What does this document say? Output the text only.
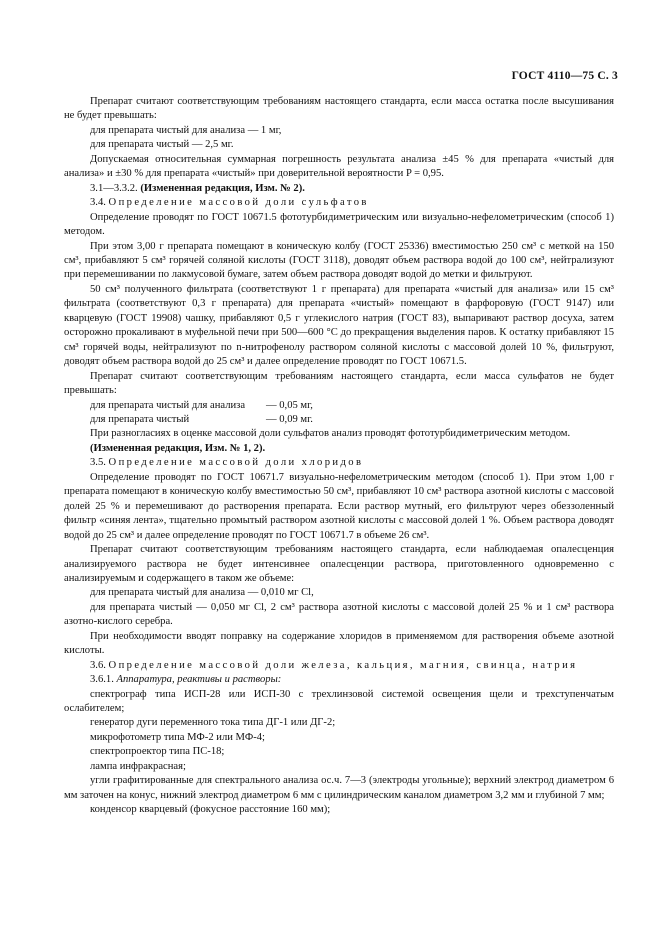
ГОСТ 4110—75 С. 3
Препарат считают соответствующим требованиям настоящего стандарта, если масса остатка после высушивания не будет превышать:
для препарата чистый для анализа — 1 мг,
для препарата чистый — 2,5 мг.
Допускаемая относительная суммарная погрешность результата анализа ±45 % для препарата «чистый для анализа» и ±30 % для препарата «чистый» при доверительной вероятности P = 0,95.
3.1—3.3.2. (Измененная редакция, Изм. № 2).
3.4. Определение массовой доли сульфатов
Определение проводят по ГОСТ 10671.5 фототурбидиметрическим или визуально-нефелометрическим (способ 1) методом.
При этом 3,00 г препарата помещают в коническую колбу (ГОСТ 25336) вместимостью 250 см³ с меткой на 150 см³, прибавляют 5 см³ горячей соляной кислоты (ГОСТ 3118), доводят объем раствора водой до 100 см³, нейтрализуют при перемешивании по лакмусовой бумаге, затем объем раствора доводят водой до метки и фильтруют.
50 см³ полученного фильтрата (соответствуют 1 г препарата) для препарата «чистый для анализа» или 15 см³ фильтрата (соответствуют 0,3 г препарата) для препарата «чистый» помещают в фарфоровую (ГОСТ 9147) или кварцевую (ГОСТ 19908) чашку, прибавляют 0,5 г углекислого натрия (ГОСТ 83), выпаривают раствор досуха, затем осторожно прокаливают в муфельной печи при 500—600 °C до прекращения выделения паров. К остатку прибавляют 15 см³ горячей воды, нейтрализуют по n-нитрофенолу раствором соляной кислоты с массовой долей 10 %, фильтруют, доводят объем раствора водой до 25 см³ и далее определение проводят по ГОСТ 10671.5.
Препарат считают соответствующим требованиям настоящего стандарта, если масса сульфатов не будет превышать:
для препарата чистый для анализа	— 0,05 мг,
для препарата чистый	— 0,09 мг.
При разногласиях в оценке массовой доли сульфатов анализ проводят фототурбидиметрическим методом.
(Измененная редакция, Изм. № 1, 2).
3.5. Определение массовой доли хлоридов
Определение проводят по ГОСТ 10671.7 визуально-нефелометрическим методом (способ 1). При этом 1,00 г препарата помещают в коническую колбу вместимостью 50 см³, прибавляют 10 см³ раствора азотной кислоты с массовой долей 25 % и перемешивают до растворения препарата. Если раствор мутный, его фильтруют через обеззоленный фильтр «синяя лента», тщательно промытый раствором азотной кислоты с массовой долей 1 %. Объем раствора доводят водой до 25 см³ и далее определение проводят по ГОСТ 10671.7 в объеме 26 см³.
Препарат считают соответствующим требованиям настоящего стандарта, если наблюдаемая опалесценция анализируемого раствора не будет интенсивнее опалесценции раствора, приготовленного одновременно с анализируемым и содержащего в таком же объеме:
для препарата чистый для анализа — 0,010 мг Cl,
для препарата чистый — 0,050 мг Cl, 2 см³ раствора азотной кислоты с массовой долей 25 % и 1 см³ раствора азотно-кислого серебра.
При необходимости вводят поправку на содержание хлоридов в применяемом для растворения объеме азотной кислоты.
3.6. Определение массовой доли железа, кальция, магния, свинца, натрия
3.6.1. Аппаратура, реактивы и растворы:
спектрограф типа ИСП-28 или ИСП-30 с трехлинзовой системой освещения щели и трехступенчатым ослабителем;
генератор дуги переменного тока типа ДГ-1 или ДГ-2;
микрофотометр типа МФ-2 или МФ-4;
спектропроектор типа ПС-18;
лампа инфракрасная;
угли графитированные для спектрального анализа ос.ч. 7—3 (электроды угольные); верхний электрод диаметром 6 мм заточен на конус, нижний электрод диаметром 6 мм с цилиндрическим каналом диаметром 3,2 мм и глубиной 7 мм;
конденсор кварцевый (фокусное расстояние 160 мм);
